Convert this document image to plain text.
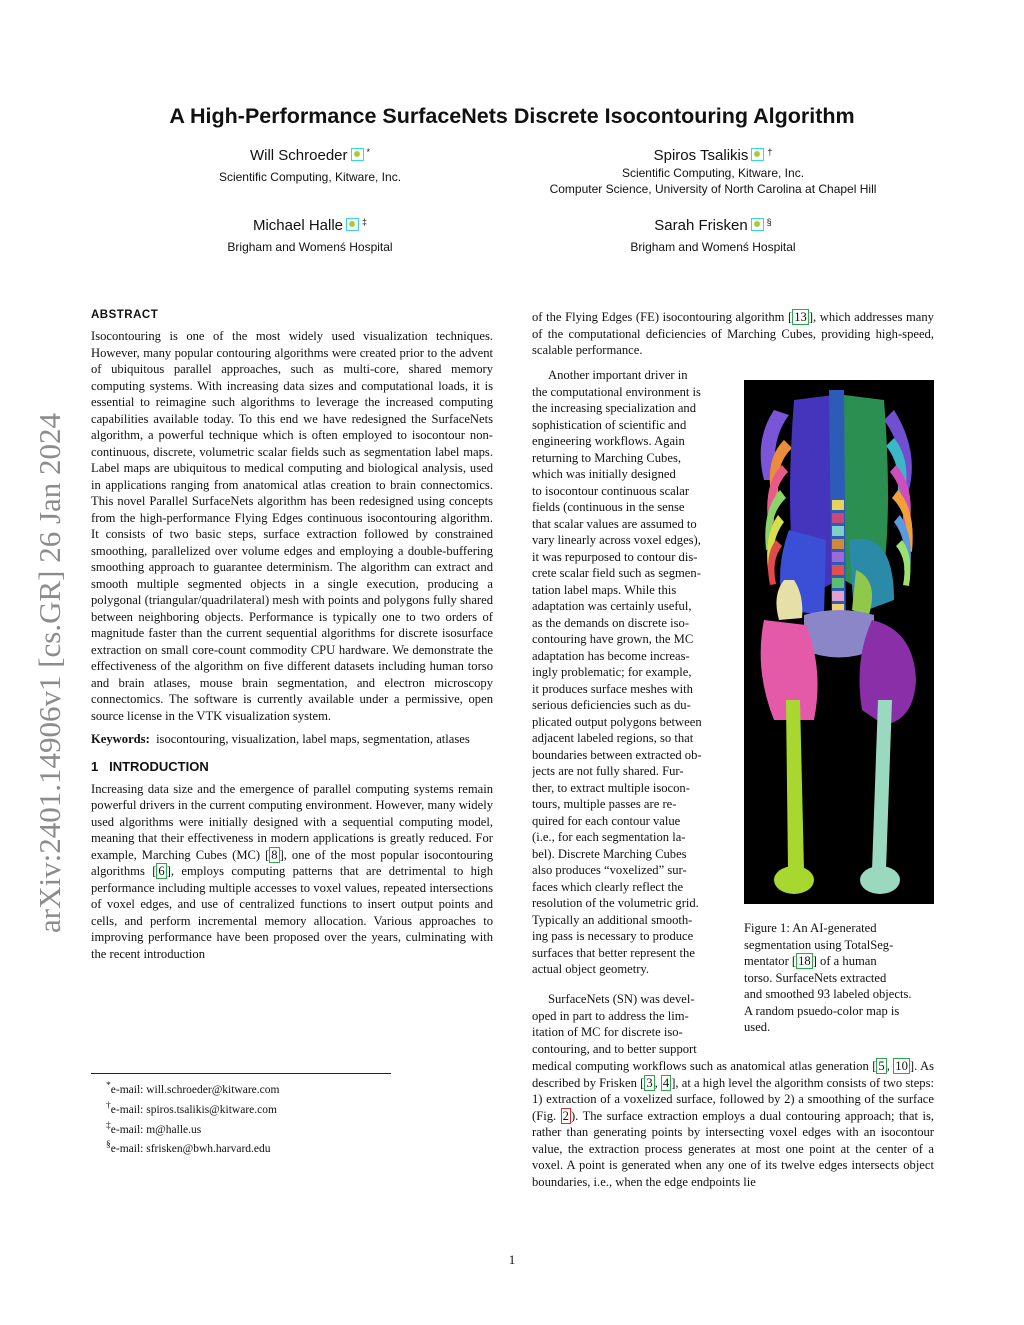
arXiv:2401.14906v1 [cs.GR] 26 Jan 2024
A High-Performance SurfaceNets Discrete Isocontouring Algorithm
Will Schroeder *
Scientific Computing, Kitware, Inc.
Spiros Tsalikis †
Scientific Computing, Kitware, Inc.
Computer Science, University of North Carolina at Chapel Hill
Michael Halle ‡
Brigham and Womenś Hospital
Sarah Frisken §
Brigham and Womenś Hospital
ABSTRACT
Isocontouring is one of the most widely used visualization techniques. However, many popular contouring algorithms were created prior to the advent of ubiquitous parallel approaches, such as multi-core, shared memory computing systems. With increasing data sizes and computational loads, it is essential to reimagine such algorithms to leverage the increased computing capabilities available today. To this end we have redesigned the SurfaceNets algorithm, a powerful technique which is often employed to isocontour non-continuous, discrete, volumetric scalar fields such as segmentation label maps. Label maps are ubiquitous to medical computing and biological analysis, used in applications ranging from anatomical atlas creation to brain connectomics. This novel Parallel SurfaceNets algorithm has been redesigned using concepts from the high-performance Flying Edges continuous isocontouring algorithm. It consists of two basic steps, surface extraction followed by constrained smoothing, parallelized over volume edges and employing a double-buffering smoothing approach to guarantee determinism. The algorithm can extract and smooth multiple segmented objects in a single execution, producing a polygonal (triangular/quadrilateral) mesh with points and polygons fully shared between neighboring objects. Performance is typically one to two orders of magnitude faster than the current sequential algorithms for discrete isosurface extraction on small core-count commodity CPU hardware. We demonstrate the effectiveness of the algorithm on five different datasets including human torso and brain atlases, mouse brain segmentation, and electron microscopy connectomics. The software is currently available under a permissive, open source license in the VTK visualization system.
Keywords: isocontouring, visualization, label maps, segmentation, atlases
1 INTRODUCTION
Increasing data size and the emergence of parallel computing systems remain powerful drivers in the current computing environment. However, many widely used algorithms were initially designed with a sequential computing model, meaning that their effectiveness in modern applications is greatly reduced. For example, Marching Cubes (MC) [ 8 ], one of the most popular isocontouring algorithms [ 6 ], employs computing patterns that are detrimental to high performance including multiple accesses to voxel values, repeated intersections of voxel edges, and use of centralized functions to insert output points and cells, and perform incremental memory allocation. Various approaches to improving performance have been proposed over the years, culminating with the recent introduction
*e-mail: will.schroeder@kitware.com
†e-mail: spiros.tsalikis@kitware.com
‡e-mail: m@halle.us
§e-mail: sfrisken@bwh.harvard.edu
of the Flying Edges (FE) isocontouring algorithm [ 13 ], which addresses many of the computational deficiencies of Marching Cubes, providing high-speed, scalable performance.
Another important driver in
the computational environment is
the increasing specialization and
sophistication of scientific and
engineering workflows. Again
returning to Marching Cubes,
which was initially designed
to isocontour continuous scalar
fields (continuous in the sense
that scalar values are assumed to
vary linearly across voxel edges),
it was repurposed to contour dis-
crete scalar field such as segmen-
tation label maps. While this
adaptation was certainly useful,
as the demands on discrete iso-
contouring have grown, the MC
adaptation has become increas-
ingly problematic; for example,
it produces surface meshes with
serious deficiencies such as du-
plicated output polygons between
adjacent labeled regions, so that
boundaries between extracted ob-
jects are not fully shared. Fur-
ther, to extract multiple isocon-
tours, multiple passes are re-
quired for each contour value
(i.e., for each segmentation la-
bel). Discrete Marching Cubes
also produces “voxelized” sur-
faces which clearly reflect the
resolution of the volumetric grid.
Typically an additional smooth-
ing pass is necessary to produce
surfaces that better represent the
actual object geometry.
SurfaceNets (SN) was devel-
oped in part to address the lim-
itation of MC for discrete iso-
contouring, and to better support
Figure 1: An AI-generated
segmentation using TotalSeg-
mentator [ 18 ] of a human
torso. SurfaceNets extracted
and smoothed 93 labeled objects.
A random psuedo-color map is
used.
medical computing workflows such as anatomical atlas generation [ 5 , 10 ]. As described by Frisken [ 3 , 4 ], at a high level the algorithm consists of two steps: 1) extraction of a voxelized surface, followed by 2) a smoothing of the surface (Fig. 2 ). The surface extraction employs a dual contouring approach; that is, rather than generating points by intersecting voxel edges with an isocontour value, the extraction process generates at most one point at the center of a voxel. A point is generated when any one of its twelve edges intersects object boundaries, i.e., when the edge endpoints lie
1
